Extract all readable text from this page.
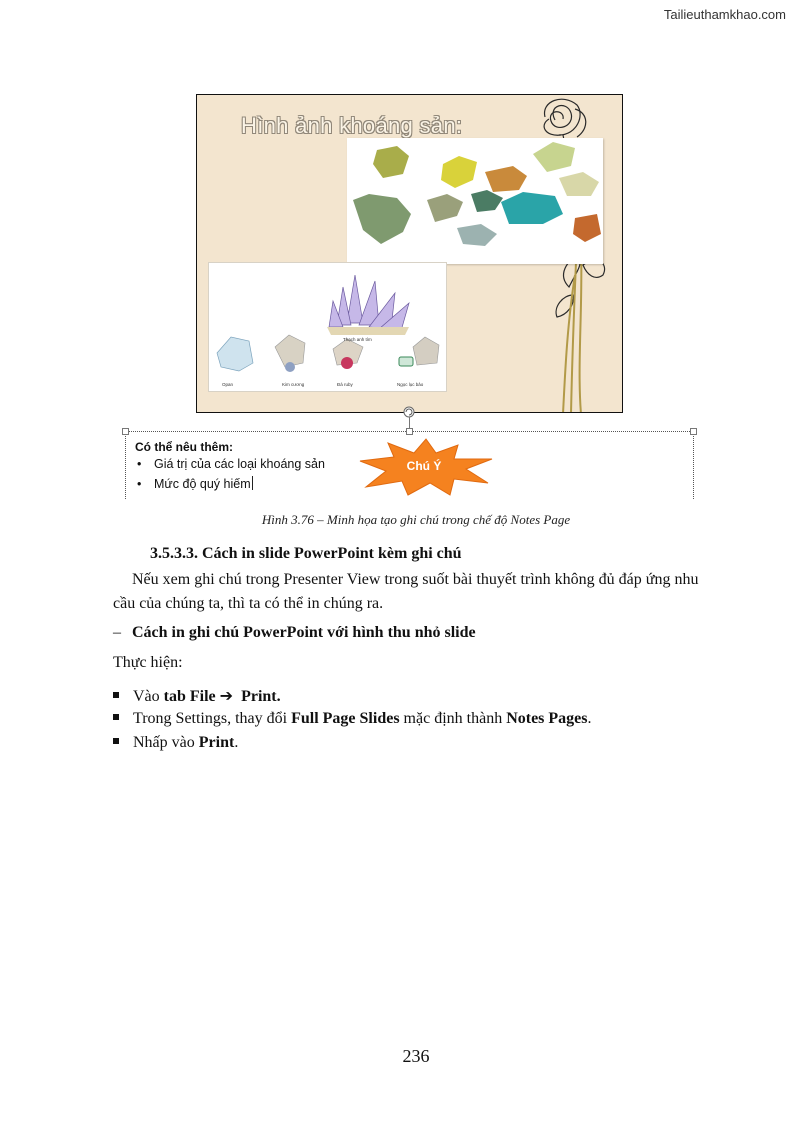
Tailieuthamkhao.com
Hình ảnh khoáng sản:
Thạch anh tím
Opan	Kim cương	Đá ruby	Ngọc lục bảo
Có thể nêu thêm:
• Giá trị của các loại khoáng sản
• Mức độ quý hiếm
Chú Ý
Hình 3.76 – Minh họa tạo ghi chú trong chế độ Notes Page
3.5.3.3. Cách in slide PowerPoint kèm ghi chú
Nếu xem ghi chú trong Presenter View trong suốt bài thuyết trình không đủ đáp ứng nhu cầu của chúng ta, thì ta có thể in chúng ra.
– Cách in ghi chú PowerPoint với hình thu nhỏ slide
Thực hiện:
Vào tab File ➔ Print.
Trong Settings, thay đổi Full Page Slides mặc định thành Notes Pages.
Nhấp vào Print.
236
